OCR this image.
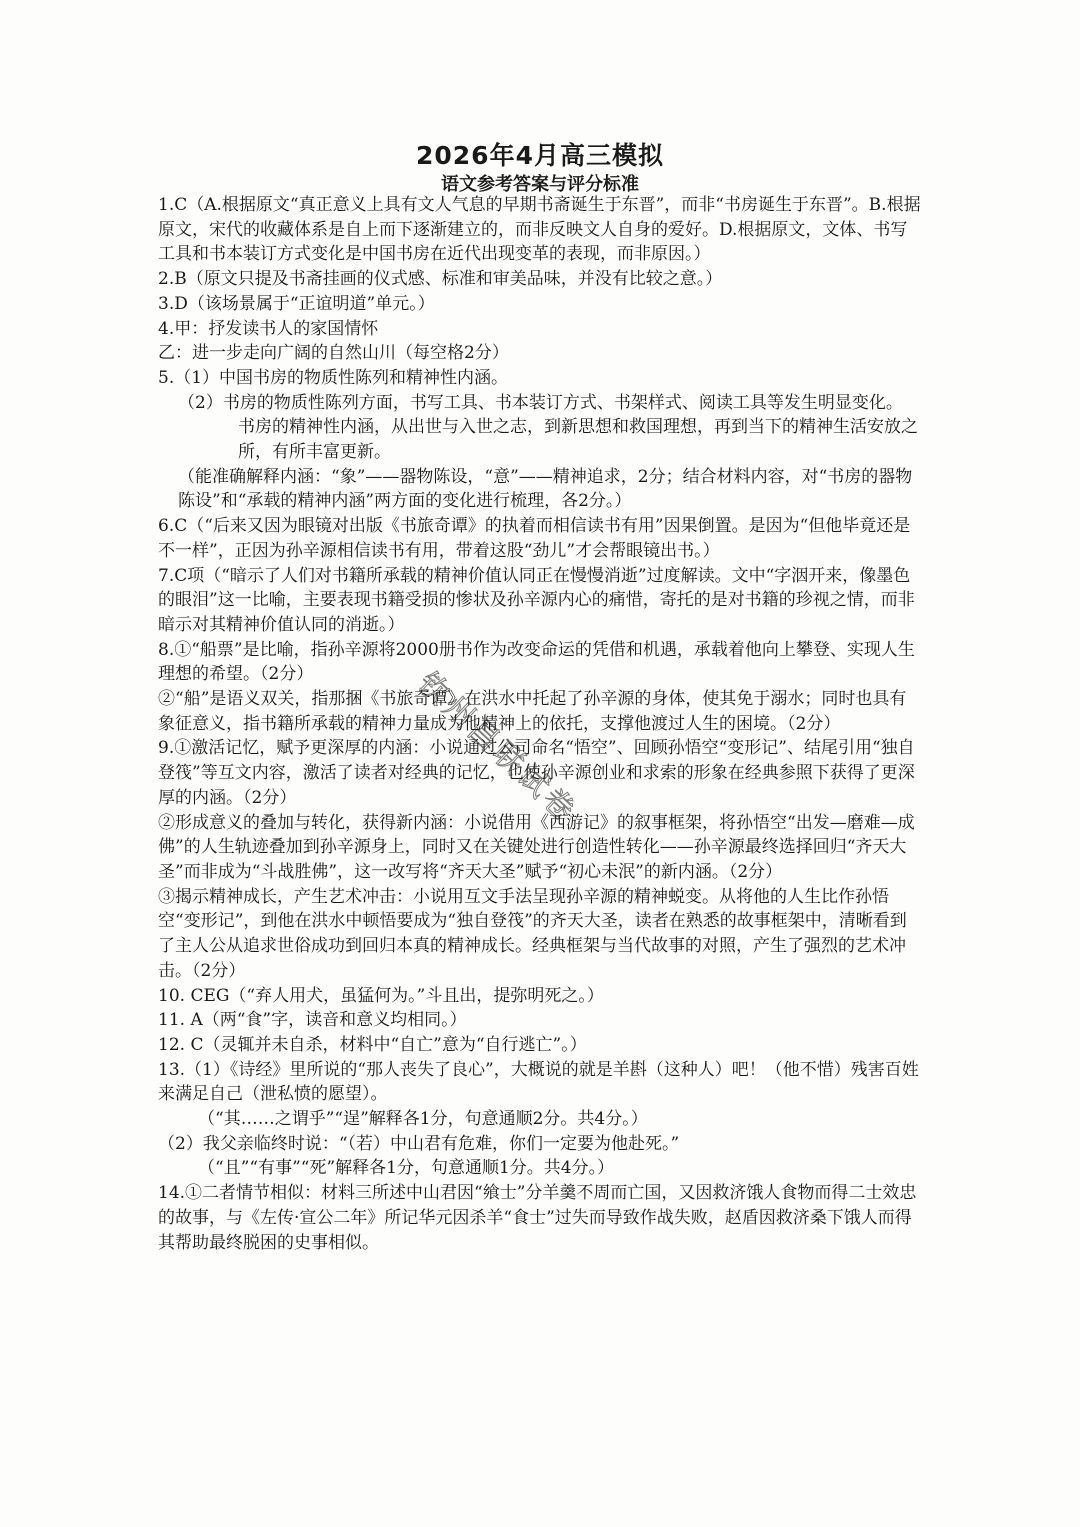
2026年4月高三模拟
语文参考答案与评分标准

1.C（A.根据原文“真正意义上具有文人气息的早期书斋诞生于东晋”，而非“书房诞生于东晋”。B.根据原文，宋代的收藏体系是自上而下逐渐建立的，而非反映文人自身的爱好。D.根据原文，文体、书写工具和书本装订方式变化是中国书房在近代出现变革的表现，而非原因。）

2.B（原文只提及书斋挂画的仪式感、标准和审美品味，并没有比较之意。）

3.D（该场景属于“正谊明道”单元。）

4.甲：抒发读书人的家国情怀

乙：进一步走向广阔的自然山川（每空格2分）

5.（1）中国书房的物质性陈列和精神性内涵。

（2）书房的物质性陈列方面，书写工具、书本装订方式、书架样式、阅读工具等发生明显变化。

书房的精神性内涵，从出世与入世之志，到新思想和救国理想，再到当下的精神生活安放之所，有所丰富更新。

（能准确解释内涵：“象”——器物陈设，“意”——精神追求，2分；结合材料内容，对“书房的器物陈设”和“承载的精神内涵”两方面的变化进行梳理，各2分。）

6.C（“后来又因为眼镜对出版《书旅奇谭》的执着而相信读书有用”因果倒置。是因为“但他毕竟还是不一样”，正因为孙辛源相信读书有用，带着这股“劲儿”才会帮眼镜出书。）

7.C项（“暗示了人们对书籍所承载的精神价值认同正在慢慢消逝”过度解读。文中“字洇开来，像墨色的眼泪”这一比喻，主要表现书籍受损的惨状及孙辛源内心的痛惜，寄托的是对书籍的珍视之情，而非暗示对其精神价值认同的消逝。）

8.①“船票”是比喻，指孙辛源将2000册书作为改变命运的凭借和机遇，承载着他向上攀登、实现人生理想的希望。（2分）

②“船”是语义双关，指那捆《书旅奇谭》在洪水中托起了孙辛源的身体，使其免于溺水；同时也具有象征意义，指书籍所承载的精神力量成为他精神上的依托，支撑他渡过人生的困境。（2分）

9.①激活记忆，赋予更深厚的内涵：小说通过公司命名“悟空”、回顾孙悟空“变形记”、结尾引用“独自登筏”等互文内容，激活了读者对经典的记忆，也使孙辛源创业和求索的形象在经典参照下获得了更深厚的内涵。（2分）

②形成意义的叠加与转化，获得新内涵：小说借用《西游记》的叙事框架，将孙悟空“出发—磨难—成佛”的人生轨迹叠加到孙辛源身上，同时又在关键处进行创造性转化——孙辛源最终选择回归“齐天大圣”而非成为“斗战胜佛”，这一改写将“齐天大圣”赋予“初心未泯”的新内涵。（2分）

③揭示精神成长，产生艺术冲击：小说用互文手法呈现孙辛源的精神蜕变。从将他的人生比作孙悟空“变形记”，到他在洪水中顿悟要成为“独自登筏”的齐天大圣，读者在熟悉的故事框架中，清晰看到了主人公从追求世俗成功到回归本真的精神成长。经典框架与当代故事的对照，产生了强烈的艺术冲击。（2分）

10. CEG（“弃人用犬，虽猛何为。”斗且出，提弥明死之。）

11. A（两“食”字，读音和意义均相同。）

12. C（灵辄并未自杀，材料中“自亡”意为“自行逃亡”。）

13.（1）《诗经》里所说的“那人丧失了良心”，大概说的就是羊斟（这种人）吧！（他不惜）残害百姓来满足自己（泄私愤的愿望）。

（“其……之谓乎”“逞”解释各1分，句意通顺2分。共4分。）

（2）我父亲临终时说：“（若）中山君有危难，你们一定要为他赴死。”

（“且”“有事”“死”解释各1分，句意通顺1分。共4分。）

14.①二者情节相似：材料三所述中山君因“飨士”分羊羹不周而亡国，又因救济饿人食物而得二士效忠的故事，与《左传·宣公二年》所记华元因杀羊“食士”过失而导致作战失败，赵盾因救济桑下饿人而得其帮助最终脱困的史事相似。

钦州昌联试卷
